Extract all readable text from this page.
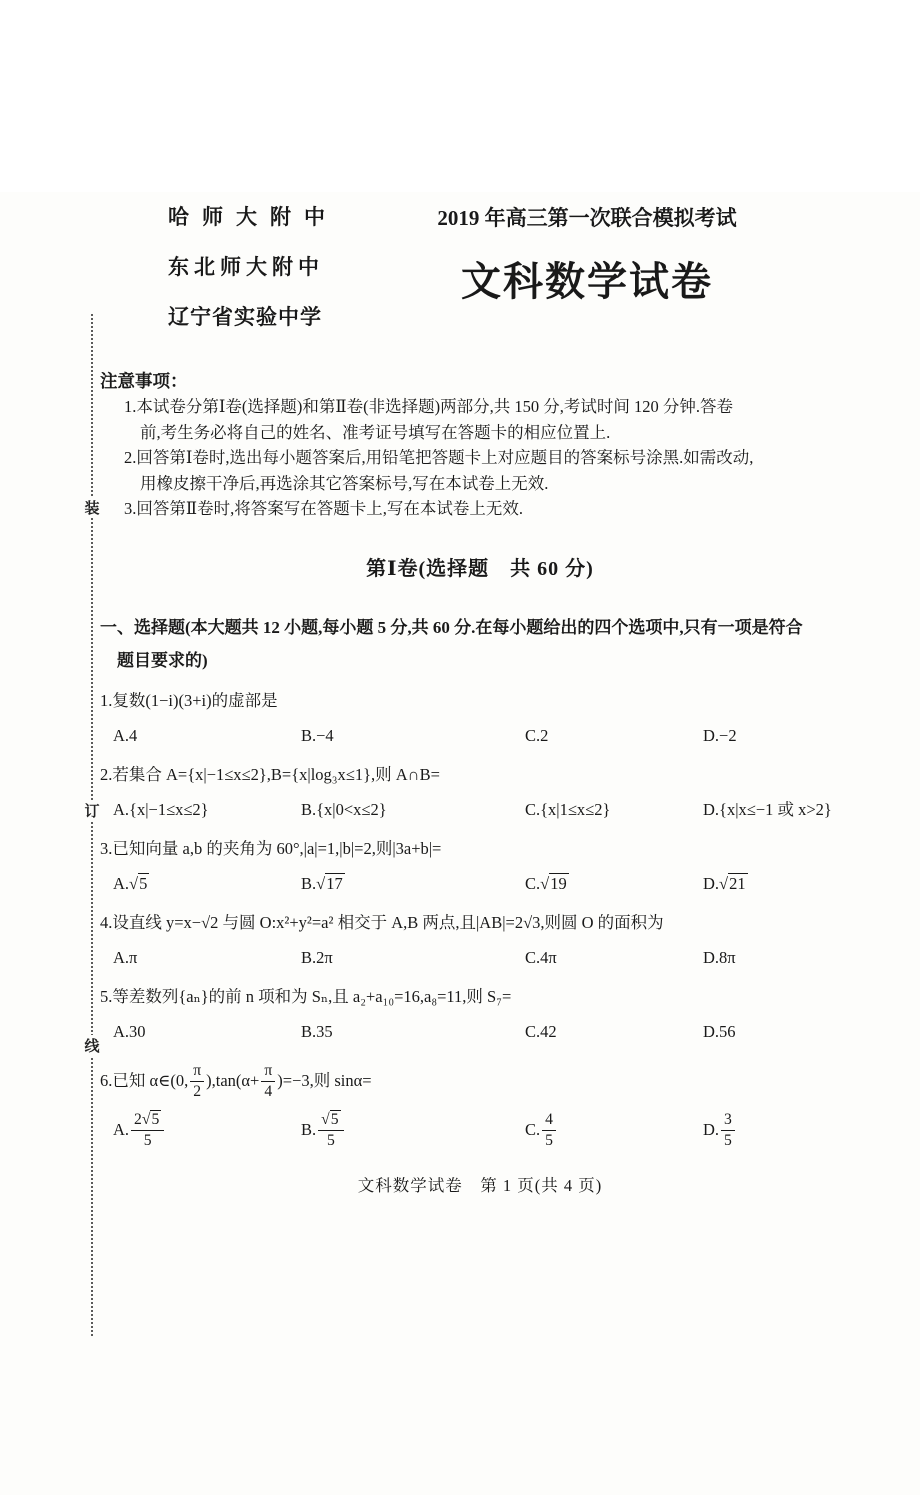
装
订
线
哈师大附中
东北师大附中
辽宁省实验中学
2019 年高三第一次联合模拟考试
文科数学试卷
注意事项：
1.本试卷分第Ⅰ卷(选择题)和第Ⅱ卷(非选择题)两部分,共 150 分,考试时间 120 分钟.答卷
前,考生务必将自己的姓名、准考证号填写在答题卡的相应位置上.
2.回答第Ⅰ卷时,选出每小题答案后,用铅笔把答题卡上对应题目的答案标号涂黑.如需改动,
用橡皮擦干净后,再选涂其它答案标号,写在本试卷上无效.
3.回答第Ⅱ卷时,将答案写在答题卡上,写在本试卷上无效.
第Ⅰ卷(选择题　共 60 分)
一、选择题(本大题共 12 小题,每小题 5 分,共 60 分.在每小题给出的四个选项中,只有一项是符合
题目要求的)
1.复数(1−i)(3+i)的虚部是
A.4	B.−4	C.2	D.−2
2.若集合 A={x|−1≤x≤2},B={x|log₃x≤1},则 A∩B=
A.{x|−1≤x≤2}	B.{x|0<x≤2}	C.{x|1≤x≤2}	D.{x|x≤−1 或 x>2}
3.已知向量 a,b 的夹角为 60°,|a|=1,|b|=2,则|3a+b|=
A.√5	B.√17	C.√19	D.√21
4.设直线 y=x−√2 与圆 O:x²+y²=a² 相交于 A,B 两点,且|AB|=2√3,则圆 O 的面积为
A.π	B.2π	C.4π	D.8π
5.等差数列{aₙ}的前 n 项和为 Sₙ,且 a₂+a₁₀=16,a₈=11,则 S₇=
A.30	B.35	C.42	D.56
6.已知 α∈(0, $\frac{\pi}{2} ),\tan(\alpha+ \frac{\pi}{4} )=-3$,则 sinα=
A. $\frac{2√5}{5}$	B. $\frac{√5}{5}$	C. $\frac{4}{5}$	D. $\frac{3}{5}$
文科数学试卷　第 1 页(共 4 页)
